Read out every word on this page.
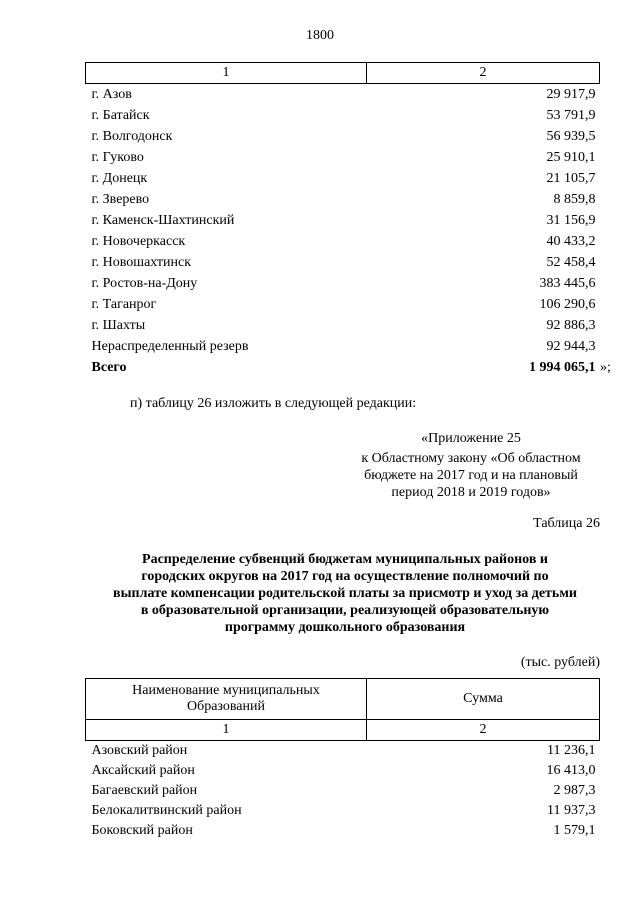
1800
1	2
г. Азов	29 917,9
г. Батайск	53 791,9
г. Волгодонск	56 939,5
г. Гуково	25 910,1
г. Донецк	21 105,7
г. Зверево	8 859,8
г. Каменск-Шахтинский	31 156,9
г. Новочеркасск	40 433,2
г. Новошахтинск	52 458,4
г. Ростов-на-Дону	383 445,6
г. Таганрог	106 290,6
г. Шахты	92 886,3
Нераспределенный резерв	92 944,3
Всего	1 994 065,1 »;
п) таблицу 26 изложить в следующей редакции:
«Приложение 25
к Областному закону «Об областном
бюджете на 2017 год и на плановый
период 2018 и 2019 годов»
Таблица 26
Распределение субвенций бюджетам муниципальных районов и
городских округов на 2017 год на осуществление полномочий по
выплате компенсации родительской платы за присмотр и уход за детьми
в образовательной организации, реализующей образовательную
программу дошкольного образования
(тыс. рублей)
Наименование муниципальных
Образований	Сумма
1	2
Азовский район	11 236,1
Аксайский район	16 413,0
Багаевский район	2 987,3
Белокалитвинский район	11 937,3
Боковский район	1 579,1
